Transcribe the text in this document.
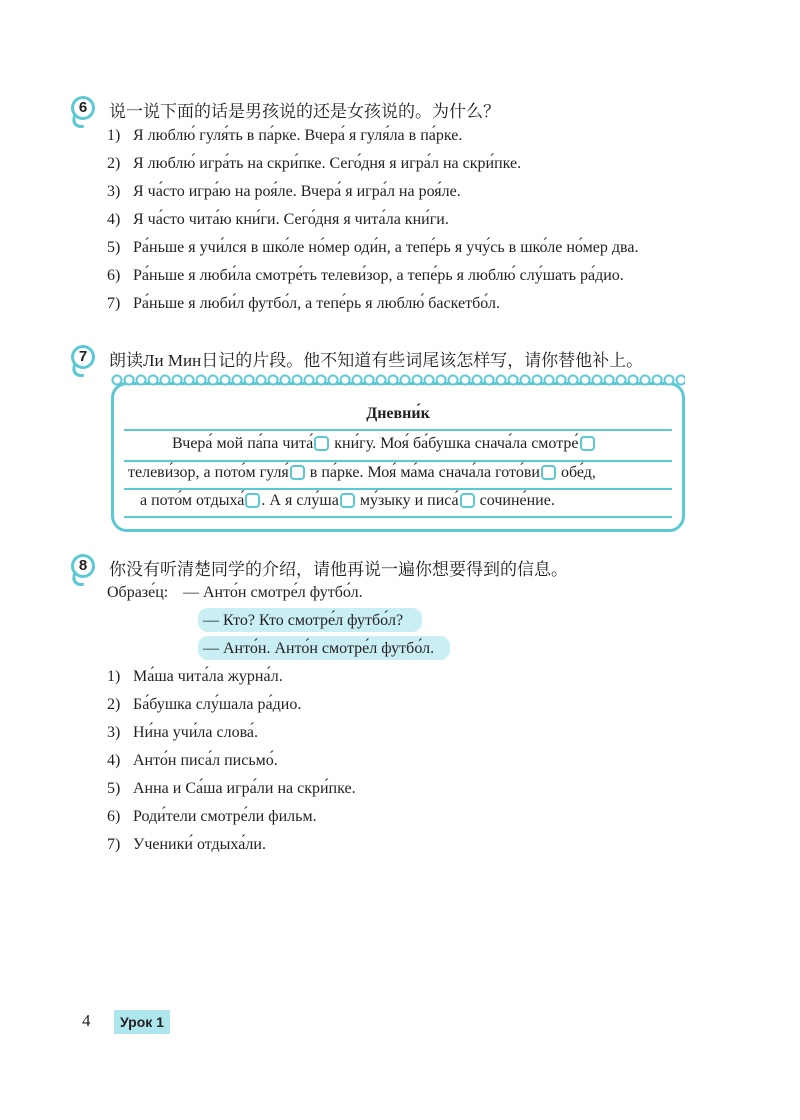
6	说一说下面的话是男孩说的还是女孩说的。为什么？
1) Я люблю́ гуля́ть в па́рке. Вчера́ я гуля́ла в па́рке.
2) Я люблю́ игра́ть на скри́пке. Сего́дня я игра́л на скри́пке.
3) Я ча́сто игра́ю на роя́ле. Вчера́ я игра́л на роя́ле.
4) Я ча́сто чита́ю кни́ги. Сего́дня я чита́ла кни́ги.
5) Ра́ньше я учи́лся в шко́ле но́мер оди́н, а тепе́рь я учу́сь в шко́ле но́мер два.
6) Ра́ньше я люби́ла смотре́ть телеви́зор, а тепе́рь я люблю́ слу́шать ра́дио.
7) Ра́ньше я люби́л футбо́л, а тепе́рь я люблю́ баскетбо́л.
7	朗读Ли Мин日记的片段。他不知道有些词尾该怎样写，请你替他补上。
Дневни́к
Вчера́ мой па́па чита́ кни́гу. Моя́ ба́бушка снача́ла смотре́
телеви́зор, а пото́м гуля́ в па́рке. Моя́ ма́ма снача́ла гото́ви обе́д,
а пото́м отдыха́ . А я слу́ша му́зыку и писа́ сочине́ние.
8	你没有听清楚同学的介绍，请他再说一遍你想要得到的信息。
Образе́ц: — Анто́н смотре́л футбо́л.
— Кто? Кто смотре́л футбо́л?
— Анто́н. Анто́н смотре́л футбо́л.
1) Ма́ша чита́ла журна́л.
2) Ба́бушка слу́шала ра́дио.
3) Ни́на учи́ла слова́.
4) Анто́н писа́л письмо́.
5) Анна и Са́ша игра́ли на скри́пке.
6) Роди́тели смотре́ли фильм.
7) Ученики́ отдыха́ли.
4	Урок 1
